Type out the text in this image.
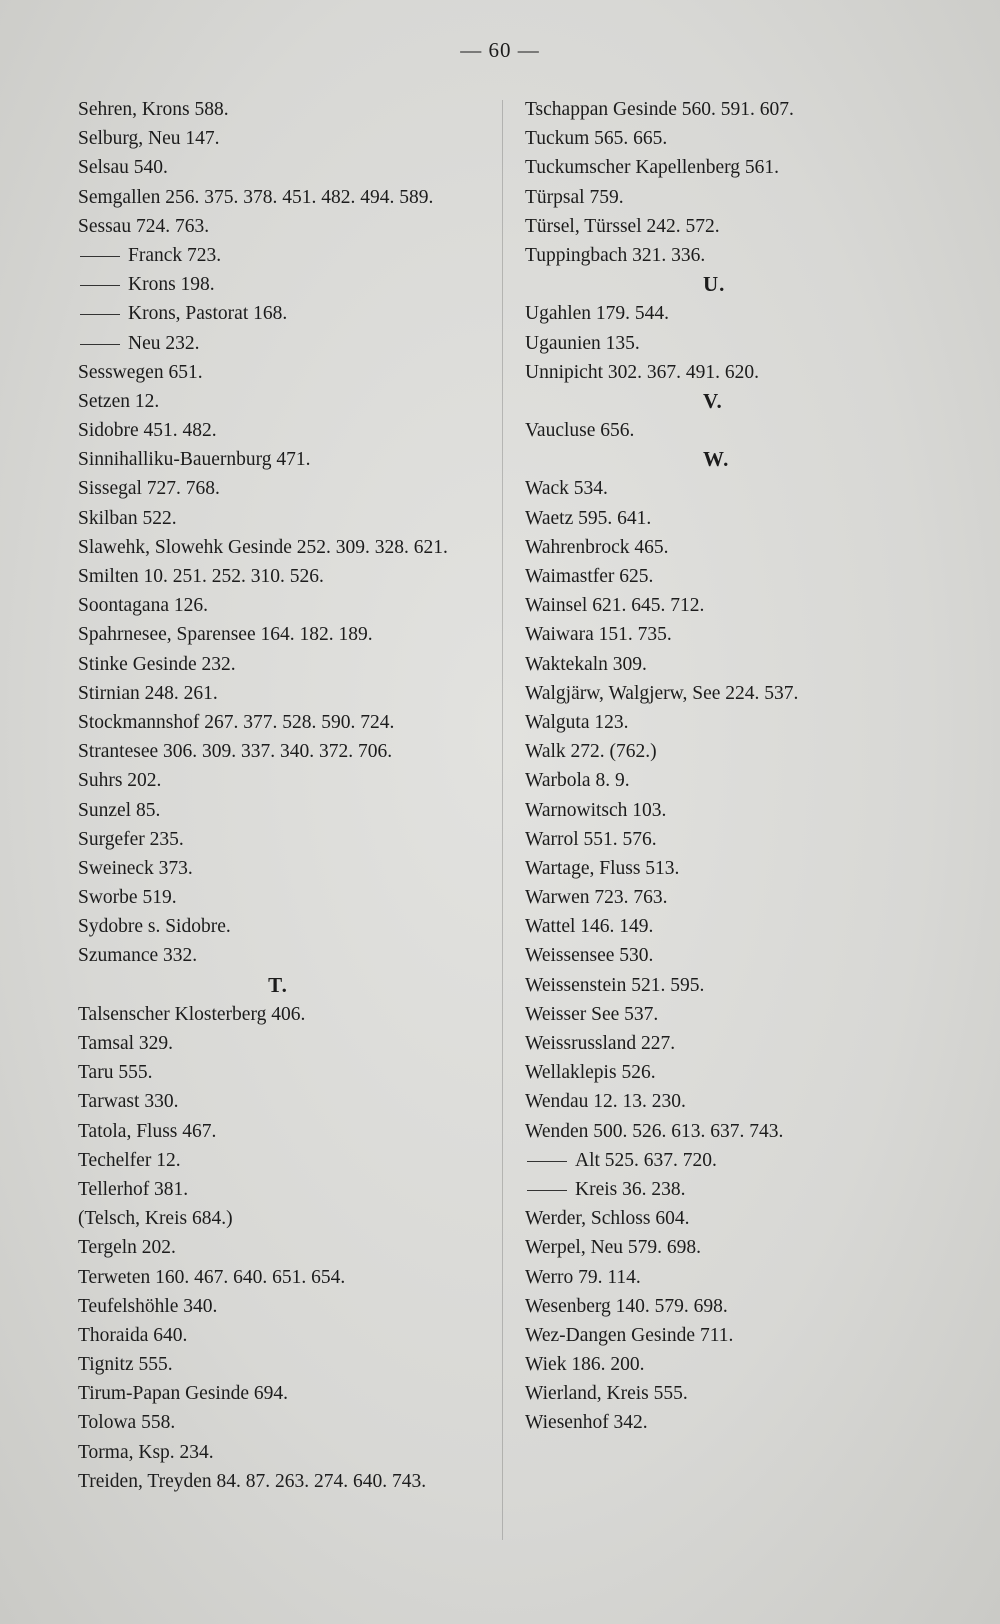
— 60 —
Sehren, Krons 588.
Selburg, Neu 147.
Selsau 540.
Semgallen 256. 375. 378. 451. 482. 494. 589.
Sessau 724. 763.
Franck 723.
Krons 198.
Krons, Pastorat 168.
Neu 232.
Sesswegen 651.
Setzen 12.
Sidobre 451. 482.
Sinnihalliku-Bauernburg 471.
Sissegal 727. 768.
Skilban 522.
Slawehk, Slowehk Gesinde 252. 309. 328. 621.
Smilten 10. 251. 252. 310. 526.
Soontagana 126.
Spahrnesee, Sparensee 164. 182. 189.
Stinke Gesinde 232.
Stirnian 248. 261.
Stockmannshof 267. 377. 528. 590. 724.
Strantesee 306. 309. 337. 340. 372. 706.
Suhrs 202.
Sunzel 85.
Surgefer 235.
Sweineck 373.
Sworbe 519.
Sydobre s. Sidobre.
Szumance 332.
T.
Talsenscher Klosterberg 406.
Tamsal 329.
Taru 555.
Tarwast 330.
Tatola, Fluss 467.
Techelfer 12.
Tellerhof 381.
(Telsch, Kreis 684.)
Tergeln 202.
Terweten 160. 467. 640. 651. 654.
Teufelshöhle 340.
Thoraida 640.
Tignitz 555.
Tirum-Papan Gesinde 694.
Tolowa 558.
Torma, Ksp. 234.
Treiden, Treyden 84. 87. 263. 274. 640. 743.
Tschappan Gesinde 560. 591. 607.
Tuckum 565. 665.
Tuckumscher Kapellenberg 561.
Türpsal 759.
Türsel, Türssel 242. 572.
Tuppingbach 321. 336.
U.
Ugahlen 179. 544.
Ugaunien 135.
Unnipicht 302. 367. 491. 620.
V.
Vaucluse 656.
W.
Wack 534.
Waetz 595. 641.
Wahrenbrock 465.
Waimastfer 625.
Wainsel 621. 645. 712.
Waiwara 151. 735.
Waktekaln 309.
Walgjärw, Walgjerw, See 224. 537.
Walguta 123.
Walk 272. (762.)
Warbola 8. 9.
Warnowitsch 103.
Warrol 551. 576.
Wartage, Fluss 513.
Warwen 723. 763.
Wattel 146. 149.
Weissensee 530.
Weissenstein 521. 595.
Weisser See 537.
Weissrussland 227.
Wellaklepis 526.
Wendau 12. 13. 230.
Wenden 500. 526. 613. 637. 743.
Alt 525. 637. 720.
Kreis 36. 238.
Werder, Schloss 604.
Werpel, Neu 579. 698.
Werro 79. 114.
Wesenberg 140. 579. 698.
Wez-Dangen Gesinde 711.
Wiek 186. 200.
Wierland, Kreis 555.
Wiesenhof 342.
